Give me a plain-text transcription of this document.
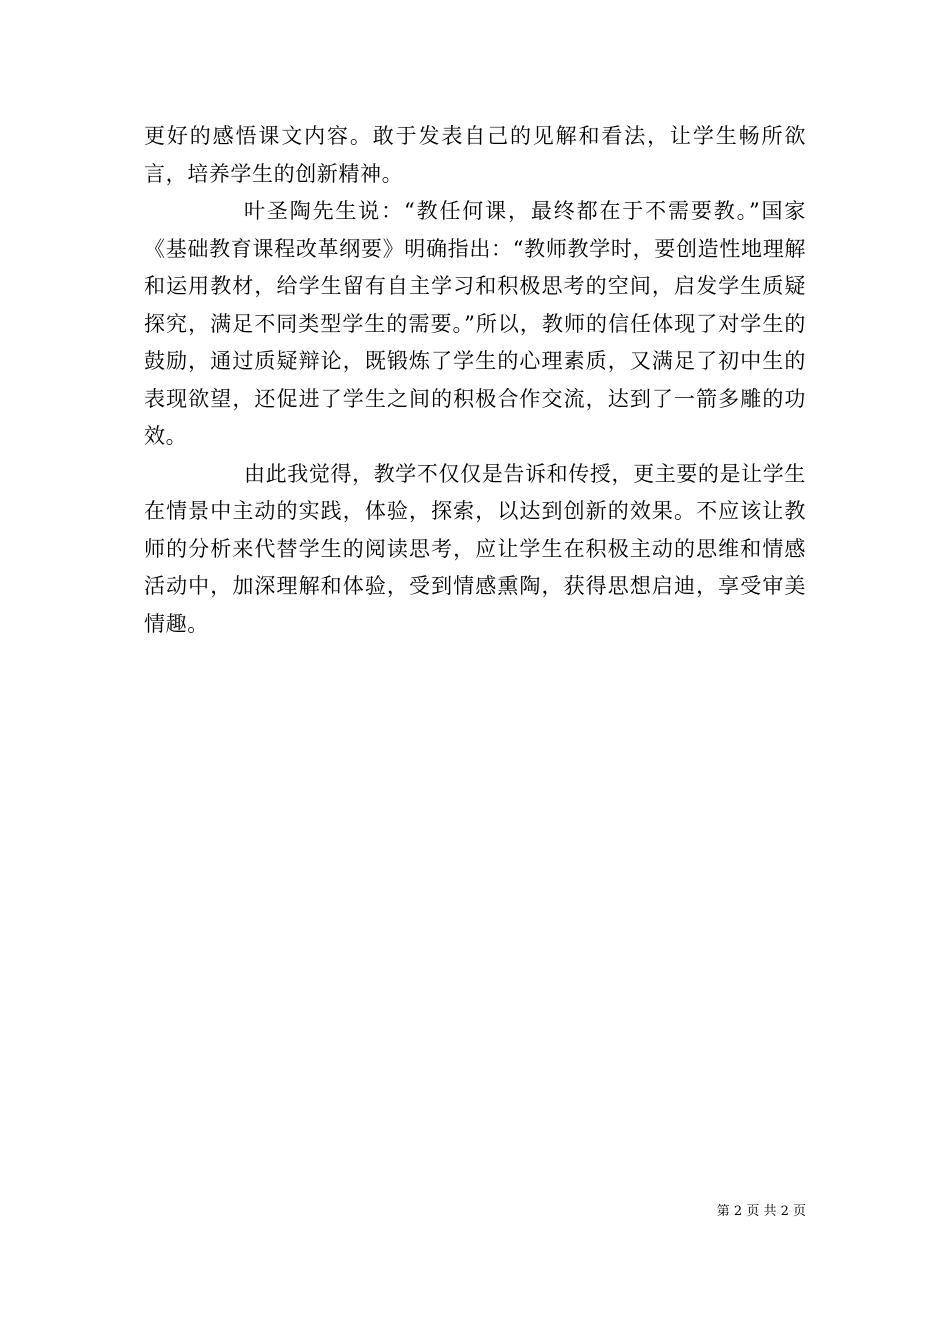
更好的感悟课文内容。敢于发表自己的见解和看法，让学生畅所欲言，培养学生的创新精神。

叶圣陶先生说：“教任何课，最终都在于不需要教。”国家《基础教育课程改革纲要》明确指出：“教师教学时，要创造性地理解和运用教材，给学生留有自主学习和积极思考的空间，启发学生质疑探究，满足不同类型学生的需要。”所以，教师的信任体现了对学生的鼓励，通过质疑辩论，既锻炼了学生的心理素质，又满足了初中生的表现欲望，还促进了学生之间的积极合作交流，达到了一箭多雕的功效。

由此我觉得，教学不仅仅是告诉和传授，更主要的是让学生在情景中主动的实践，体验，探索，以达到创新的效果。不应该让教师的分析来代替学生的阅读思考，应让学生在积极主动的思维和情感活动中，加深理解和体验，受到情感熏陶，获得思想启迪，享受审美情趣。

第 2 页 共 2 页
